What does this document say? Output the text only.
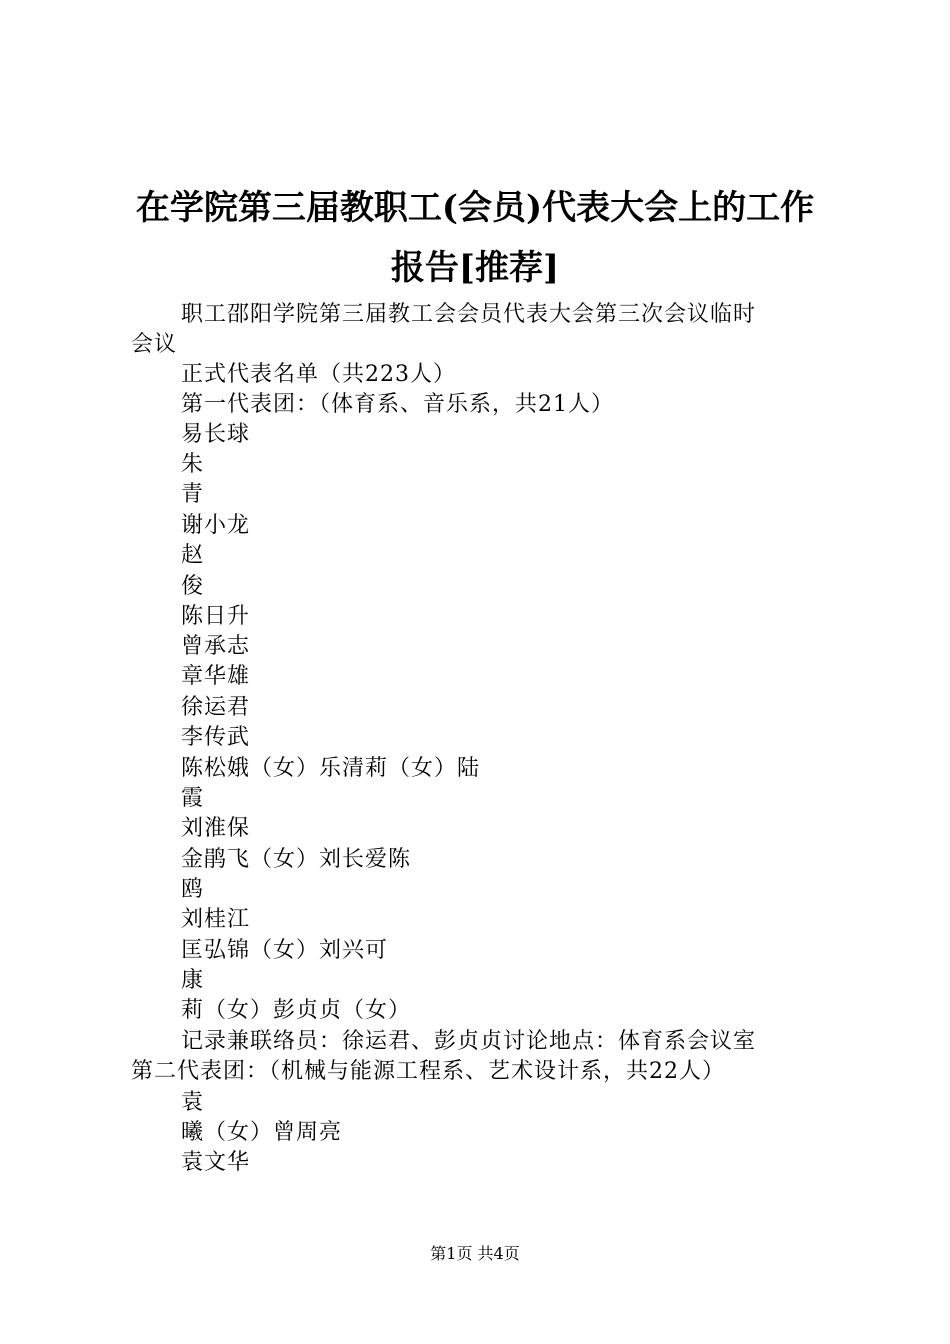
在学院第三届教职工(会员)代表大会上的工作
报告[推荐]
职工邵阳学院第三届教工会会员代表大会第三次会议临时
会议
正式代表名单（共223人）
第一代表团：（体育系、音乐系，共21人）
易长球
朱
青
谢小龙
赵
俊
陈日升
曾承志
章华雄
徐运君
李传武
陈松娥（女）乐清莉（女）陆
霞
刘淮保
金鹃飞（女）刘长爱陈
鸥
刘桂江
匡弘锦（女）刘兴可
康
莉（女）彭贞贞（女）
记录兼联络员：徐运君、彭贞贞讨论地点：体育系会议室
第二代表团：（机械与能源工程系、艺术设计系，共22人）
袁
曦（女）曾周亮
袁文华
第1页 共4页
